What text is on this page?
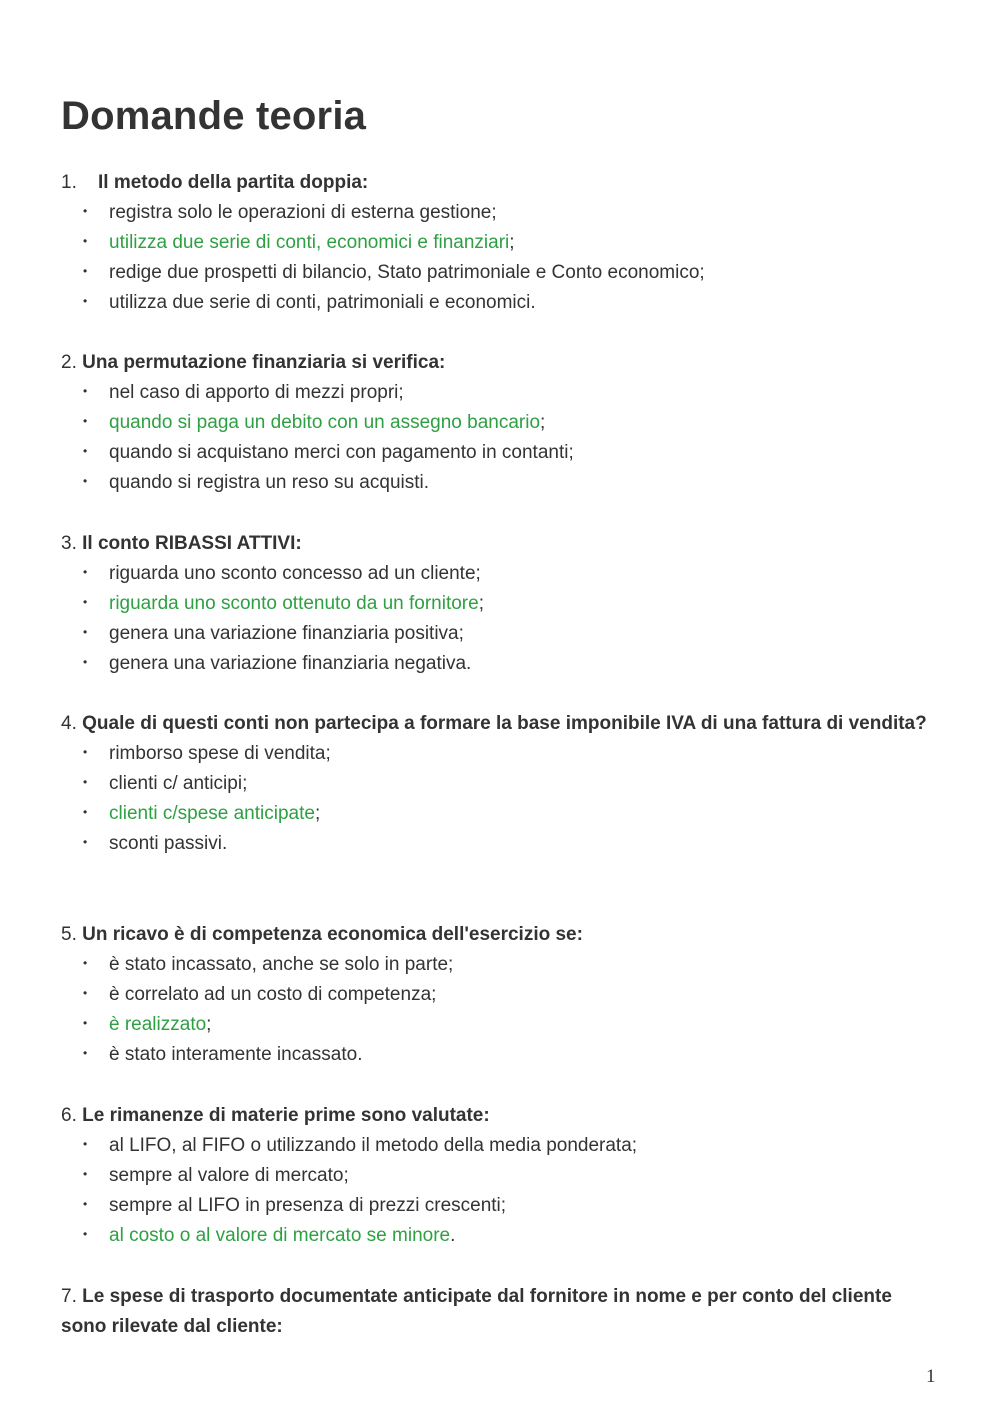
Domande teoria
1. Il metodo della partita doppia:
• registra solo le operazioni di esterna gestione;
• utilizza due serie di conti, economici e finanziari;
• redige due prospetti di bilancio, Stato patrimoniale e Conto economico;
• utilizza due serie di conti, patrimoniali e economici.
2. Una permutazione finanziaria si verifica:
• nel caso di apporto di mezzi propri;
• quando si paga un debito con un assegno bancario;
• quando si acquistano merci con pagamento in contanti;
• quando si registra un reso su acquisti.
3. Il conto RIBASSI ATTIVI:
• riguarda uno sconto concesso ad un cliente;
• riguarda uno sconto ottenuto da un fornitore;
• genera una variazione finanziaria positiva;
• genera una variazione finanziaria negativa.
4. Quale di questi conti non partecipa a formare la base imponibile IVA di una fattura di vendita?
• rimborso spese di vendita;
• clienti c/ anticipi;
• clienti c/spese anticipate;
• sconti passivi.
5. Un ricavo è di competenza economica dell'esercizio se:
• è stato incassato, anche se solo in parte;
• è correlato ad un costo di competenza;
• è realizzato;
• è stato interamente incassato.
6. Le rimanenze di materie prime sono valutate:
• al LIFO, al FIFO o utilizzando il metodo della media ponderata;
• sempre al valore di mercato;
• sempre al LIFO in presenza di prezzi crescenti;
• al costo o al valore di mercato se minore.
7. Le spese di trasporto documentate anticipate dal fornitore in nome e per conto del cliente sono rilevate dal cliente:
1
